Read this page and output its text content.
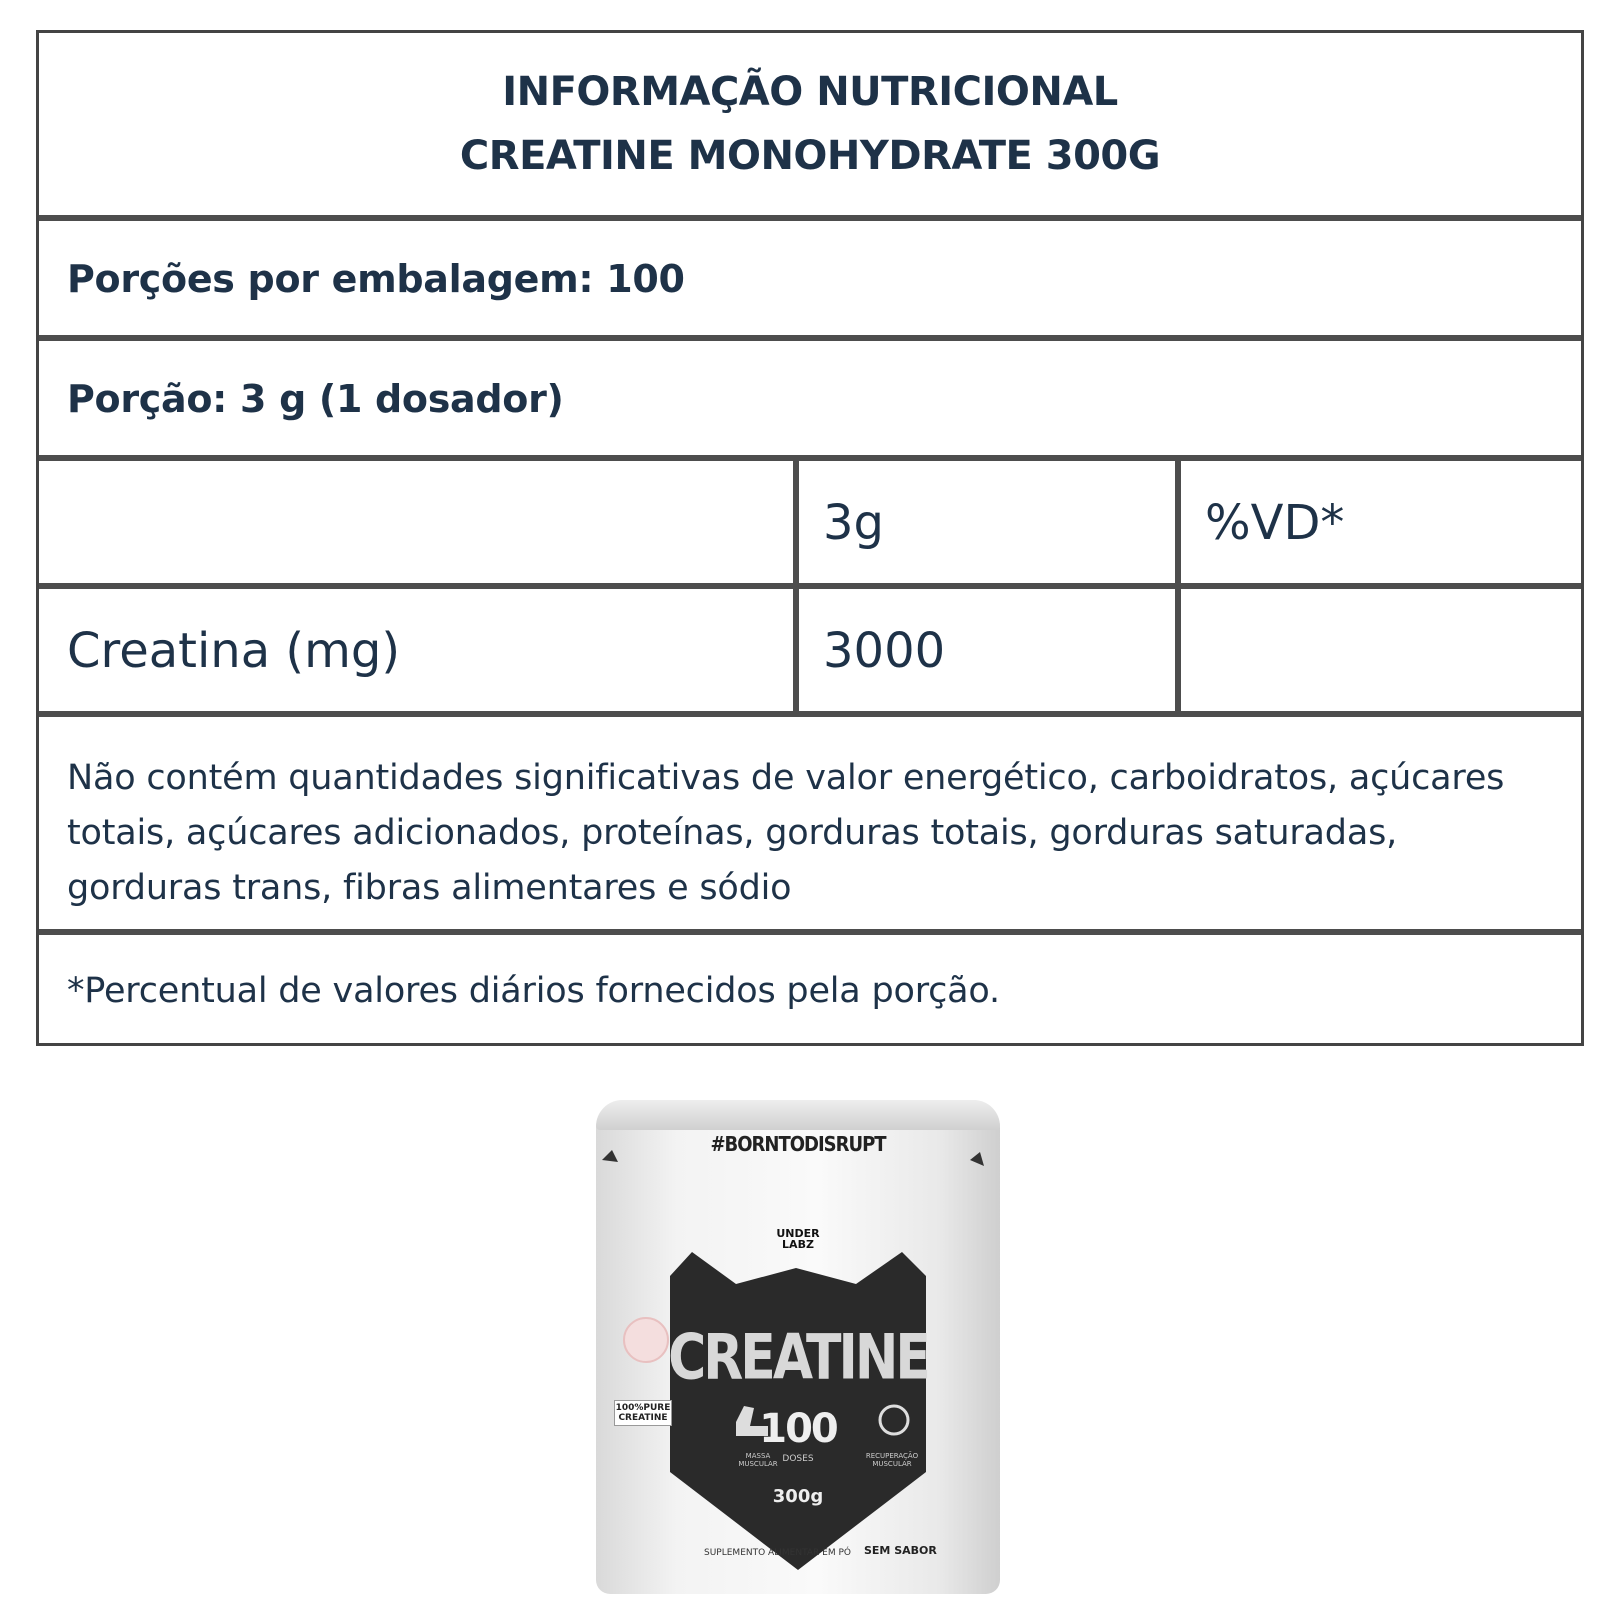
INFORMAÇÃO NUTRICIONAL
CREATINE MONOHYDRATE 300G
Porções por embalagem: 100
Porção: 3 g (1 dosador)
3g	%VD*
Creatina (mg)	3000
Não contém quantidades significativas de valor energético, carboidratos, açúcares totais, açúcares adicionados, proteínas, gorduras totais, gorduras saturadas, gorduras trans, fibras alimentares e sódio
*Percentual de valores diários fornecidos pela porção.
#BORNTODISRUPT
UNDER
LABZ
CREATINE
100
DOSES
MASSA MUSCULAR
RECUPERAÇÃO MUSCULAR
300g
100%PURE
CREATINE
SUPLEMENTO ALIMENTAR EM PÓ SEM SABOR
